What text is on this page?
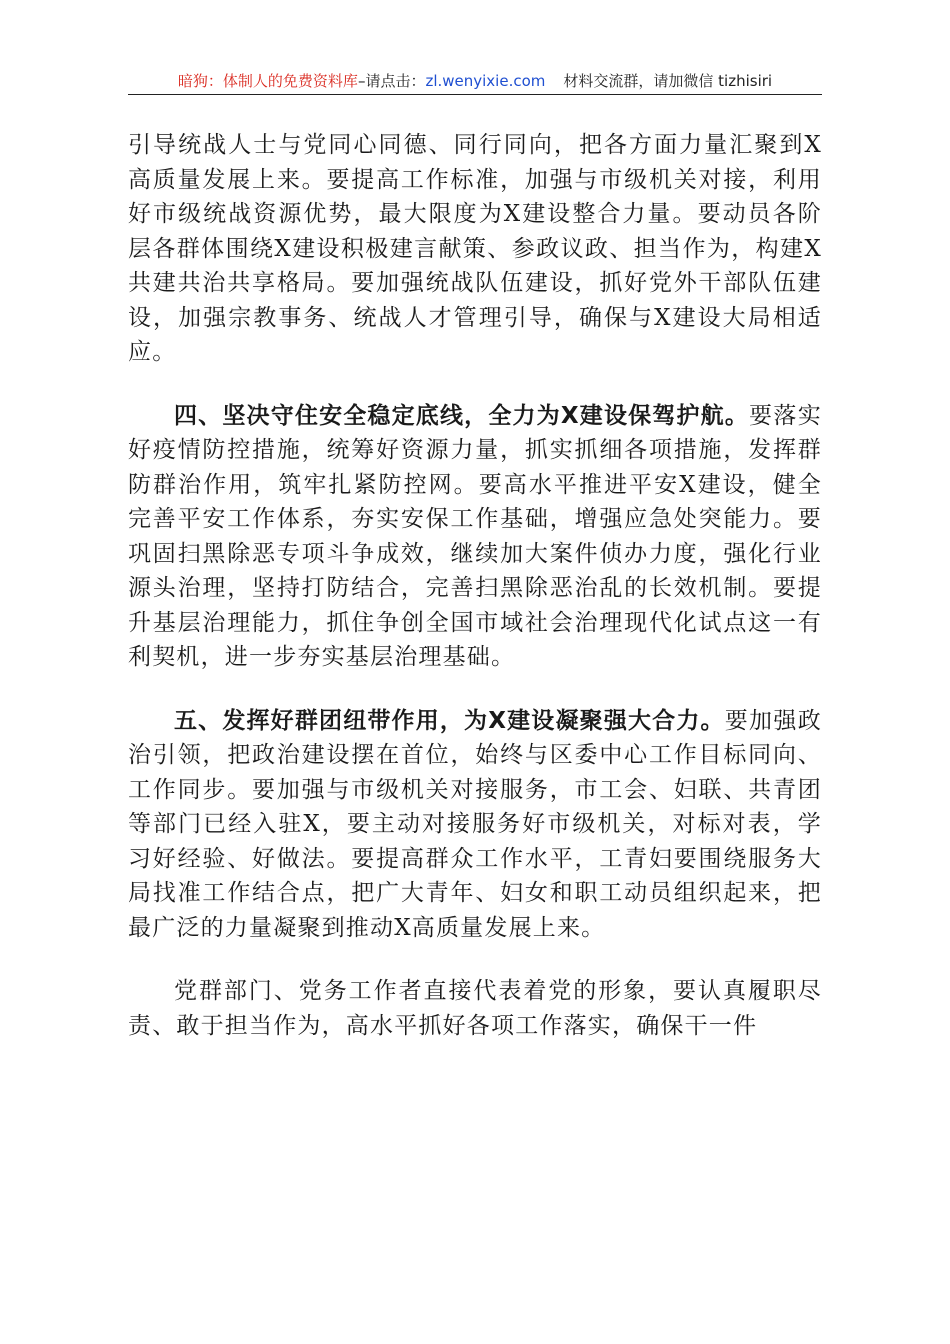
暗狗：体制人的免费资料库–请点击：zl.wenyixie.com 材料交流群，请加微信 tizhisiri

引导统战人士与党同心同德、同行同向，把各方面力量汇聚到X高质量发展上来。要提高工作标准，加强与市级机关对接，利用好市级统战资源优势，最大限度为X建设整合力量。要动员各阶层各群体围绕X建设积极建言献策、参政议政、担当作为，构建X共建共治共享格局。要加强统战队伍建设，抓好党外干部队伍建设，加强宗教事务、统战人才管理引导，确保与X建设大局相适应。

四、坚决守住安全稳定底线，全力为X建设保驾护航。要落实好疫情防控措施，统筹好资源力量，抓实抓细各项措施，发挥群防群治作用，筑牢扎紧防控网。要高水平推进平安X建设，健全完善平安工作体系，夯实安保工作基础，增强应急处突能力。要巩固扫黑除恶专项斗争成效，继续加大案件侦办力度，强化行业源头治理，坚持打防结合，完善扫黑除恶治乱的长效机制。要提升基层治理能力，抓住争创全国市域社会治理现代化试点这一有利契机，进一步夯实基层治理基础。

五、发挥好群团纽带作用，为X建设凝聚强大合力。要加强政治引领，把政治建设摆在首位，始终与区委中心工作目标同向、工作同步。要加强与市级机关对接服务，市工会、妇联、共青团等部门已经入驻X，要主动对接服务好市级机关，对标对表，学习好经验、好做法。要提高群众工作水平，工青妇要围绕服务大局找准工作结合点，把广大青年、妇女和职工动员组织起来，把最广泛的力量凝聚到推动X高质量发展上来。

党群部门、党务工作者直接代表着党的形象，要认真履职尽责、敢于担当作为，高水平抓好各项工作落实，确保干一件
